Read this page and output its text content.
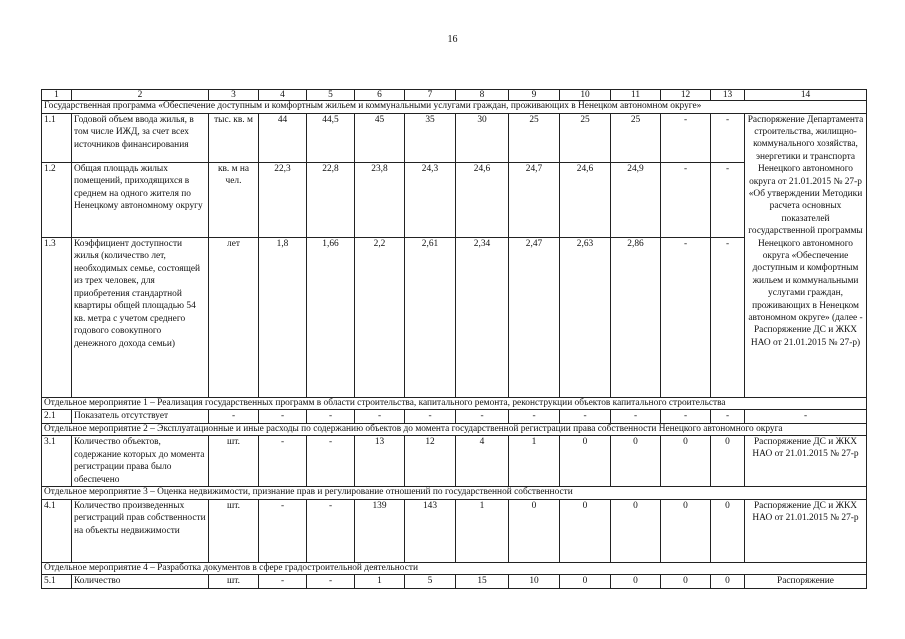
16
1	2	3	4	5	6	7	8	9	10	11	12	13	14
Государственная программа «Обеспечение доступным и комфортным жильем и коммунальными услугами граждан, проживающих в Ненецком автономном округе»													
1.1	Годовой объем ввода жилья, в том числе ИЖД, за счет всех источников финансирования	тыс. кв. м	44	44,5	45	35	30	25	25	25	-	-	Распоряжение Департамента строительства, жилищно-коммунального хозяйства, энергетики и транспорта Ненецкого автономного округа от 21.01.2015 № 27-р «Об утверждении Методики расчета основных показателей государственной программы Ненецкого автономного округа «Обеспечение доступным и комфортным жильем и коммунальными услугами граждан, проживающих в Ненецком автономном округе» (далее - Распоряжение ДС и ЖКХ НАО от 21.01.2015 № 27-р)
1.2	Общая площадь жилых помещений, приходящихся в среднем на одного жителя по Ненецкому автономному округу	кв. м на чел.	22,3	22,8	23,8	24,3	24,6	24,7	24,6	24,9	-	-	
1.3	Коэффициент доступности жилья (количество лет, необходимых семье, состоящей из трех человек, для приобретения стандартной квартиры общей площадью 54 кв. метра с учетом среднего годового совокупного денежного дохода семьи)	лет	1,8	1,66	2,2	2,61	2,34	2,47	2,63	2,86	-	-	
Отдельное мероприятие 1 – Реализация государственных программ в области строительства, капитального ремонта, реконструкции объектов капитального строительства													
2.1	Показатель отсутствует	-	-	-	-	-	-	-	-	-	-	-	-
Отдельное мероприятие 2 – Эксплуатационные и иные расходы по содержанию объектов до момента государственной регистрации права собственности Ненецкого автономного округа													
3.1	Количество объектов, содержание которых до момента регистрации права было обеспечено	шт.	-	-	13	12	4	1	0	0	0	0	Распоряжение ДС и ЖКХ НАО от 21.01.2015 № 27-р
Отдельное мероприятие 3 – Оценка недвижимости, признание прав и регулирование отношений по государственной собственности													
4.1	Количество произведенных регистраций прав собственности на объекты недвижимости	шт.	-	-	139	143	1	0	0	0	0	0	Распоряжение ДС и ЖКХ НАО от 21.01.2015 № 27-р
Отдельное мероприятие 4 – Разработка документов в сфере градостроительной деятельности													
5.1	Количество	шт.	-	-	1	5	15	10	0	0	0	0	Распоряжение
